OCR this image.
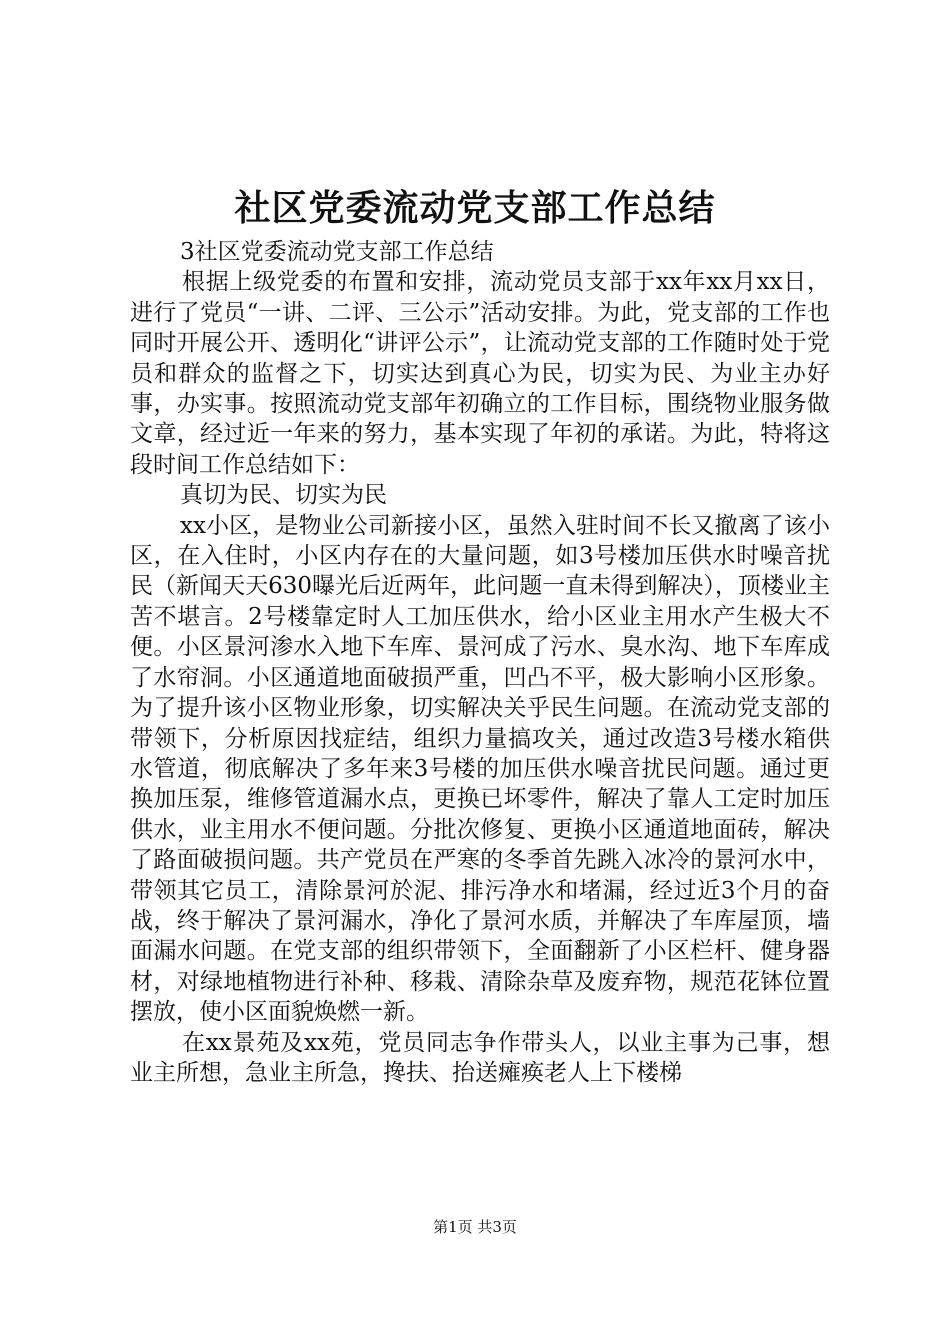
社区党委流动党支部工作总结

3社区党委流动党支部工作总结

根据上级党委的布置和安排，流动党员支部于xx年xx月xx日，进行了党员“一讲、二评、三公示”活动安排。为此，党支部的工作也同时开展公开、透明化“讲评公示”，让流动党支部的工作随时处于党员和群众的监督之下，切实达到真心为民，切实为民、为业主办好事，办实事。按照流动党支部年初确立的工作目标，围绕物业服务做文章，经过近一年来的努力，基本实现了年初的承诺。为此，特将这段时间工作总结如下：

真切为民、切实为民

xx小区，是物业公司新接小区，虽然入驻时间不长又撤离了该小区，在入住时，小区内存在的大量问题，如3号楼加压供水时噪音扰民（新闻天天630曝光后近两年，此问题一直未得到解决），顶楼业主苦不堪言。2号楼靠定时人工加压供水，给小区业主用水产生极大不便。小区景河渗水入地下车库、景河成了污水、臭水沟、地下车库成了水帘洞。小区通道地面破损严重，凹凸不平，极大影响小区形象。为了提升该小区物业形象，切实解决关乎民生问题。在流动党支部的带领下，分析原因找症结，组织力量搞攻关，通过改造3号楼水箱供水管道，彻底解决了多年来3号楼的加压供水噪音扰民问题。通过更换加压泵，维修管道漏水点，更换已坏零件，解决了靠人工定时加压供水，业主用水不便问题。分批次修复、更换小区通道地面砖，解决了路面破损问题。共产党员在严寒的冬季首先跳入冰冷的景河水中，带领其它员工，清除景河於泥、排污净水和堵漏，经过近3个月的奋战，终于解决了景河漏水，净化了景河水质，并解决了车库屋顶，墙面漏水问题。在党支部的组织带领下，全面翻新了小区栏杆、健身器材，对绿地植物进行补种、移栽、清除杂草及废弃物，规范花钵位置摆放，使小区面貌焕燃一新。

在xx景苑及xx苑，党员同志争作带头人，以业主事为己事，想业主所想，急业主所急，搀扶、抬送瘫痪老人上下楼梯

第1页 共3页
